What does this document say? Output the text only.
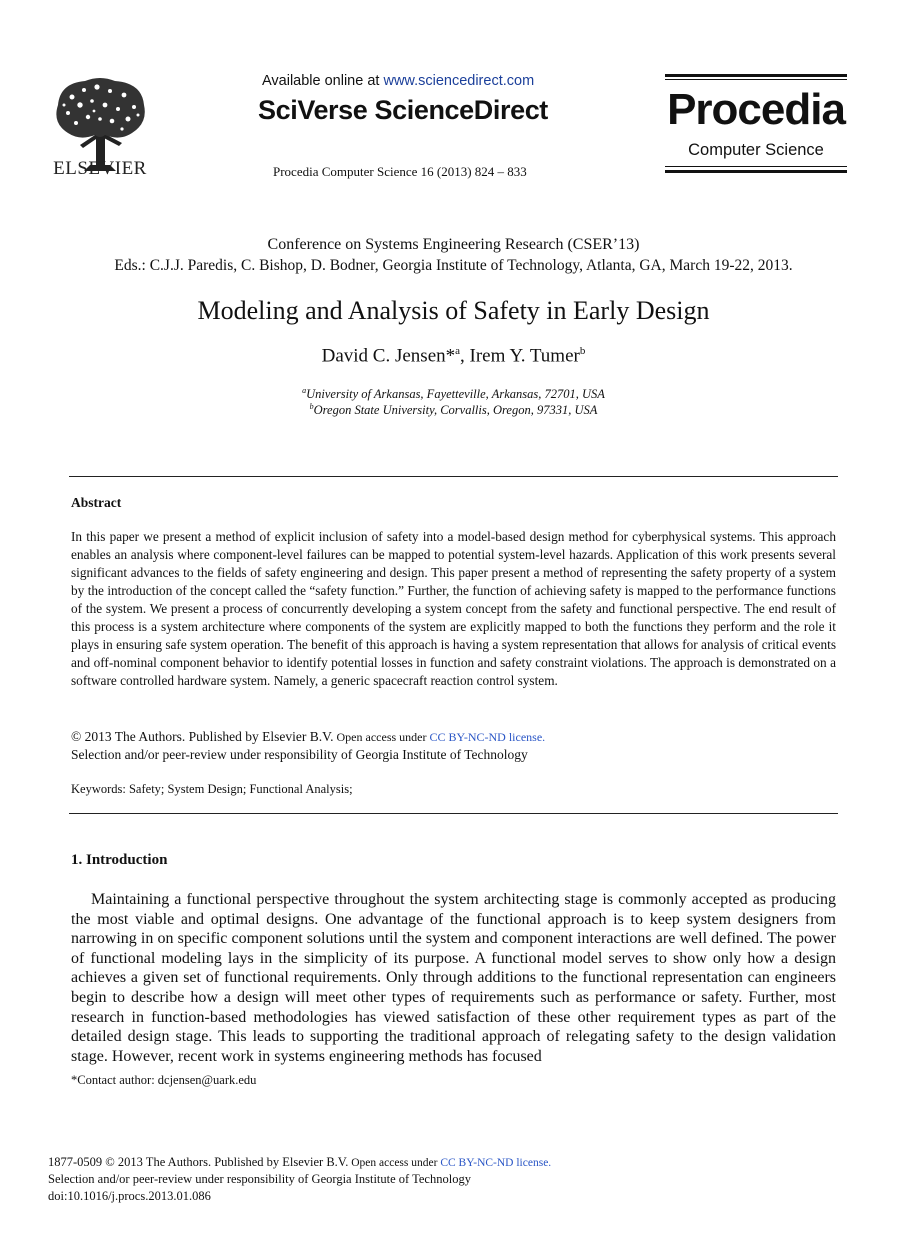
ELSEVIER
Available online at www.sciencedirect.com
SciVerse ScienceDirect
Procedia Computer Science 16 (2013) 824 – 833
Procedia
Computer Science
Conference on Systems Engineering Research (CSER’13)
Eds.: C.J.J. Paredis, C. Bishop, D. Bodner, Georgia Institute of Technology, Atlanta, GA, March 19-22, 2013.
Modeling and Analysis of Safety in Early Design
David C. Jensen*$^a$, Irem Y. Tumer$^b$
$^a$University of Arkansas, Fayetteville, Arkansas, 72701, USA
$^b$Oregon State University, Corvallis, Oregon, 97331, USA
Abstract
In this paper we present a method of explicit inclusion of safety into a model-based design method for cyberphysical systems. This approach enables an analysis where component-level failures can be mapped to potential system-level hazards. Application of this work presents several significant advances to the fields of safety engineering and design. This paper present a method of representing the safety property of a system by the introduction of the concept called the “safety function.” Further, the function of achieving safety is mapped to the performance functions of the system. We present a process of concurrently developing a system concept from the safety and functional perspective. The end result of this process is a system architecture where components of the system are explicitly mapped to both the functions they perform and the role it plays in ensuring safe system operation. The benefit of this approach is having a system representation that allows for analysis of critical events and off-nominal component behavior to identify potential losses in function and safety constraint violations. The approach is demonstrated on a software controlled hardware system. Namely, a generic spacecraft reaction control system.
© 2013 The Authors. Published by Elsevier B.V. Open access under CC BY-NC-ND license.
Selection and/or peer-review under responsibility of Georgia Institute of Technology
Keywords: Safety; System Design; Functional Analysis;
1. Introduction
Maintaining a functional perspective throughout the system architecting stage is commonly accepted as producing the most viable and optimal designs. One advantage of the functional approach is to keep system designers from narrowing in on specific component solutions until the system and component interactions are well defined. The power of functional modeling lays in the simplicity of its purpose. A functional model serves to show only how a design achieves a given set of functional requirements. Only through additions to the functional representation can engineers begin to describe how a design will meet other types of requirements such as performance or safety. Further, most research in function-based methodologies has viewed satisfaction of these other requirement types as part of the detailed design stage. This leads to supporting the traditional approach of relegating safety to the design validation stage. However, recent work in systems engineering methods has focused
*Contact author: dcjensen@uark.edu
1877-0509 © 2013 The Authors. Published by Elsevier B.V. Open access under CC BY-NC-ND license.
Selection and/or peer-review under responsibility of Georgia Institute of Technology
doi:10.1016/j.procs.2013.01.086
